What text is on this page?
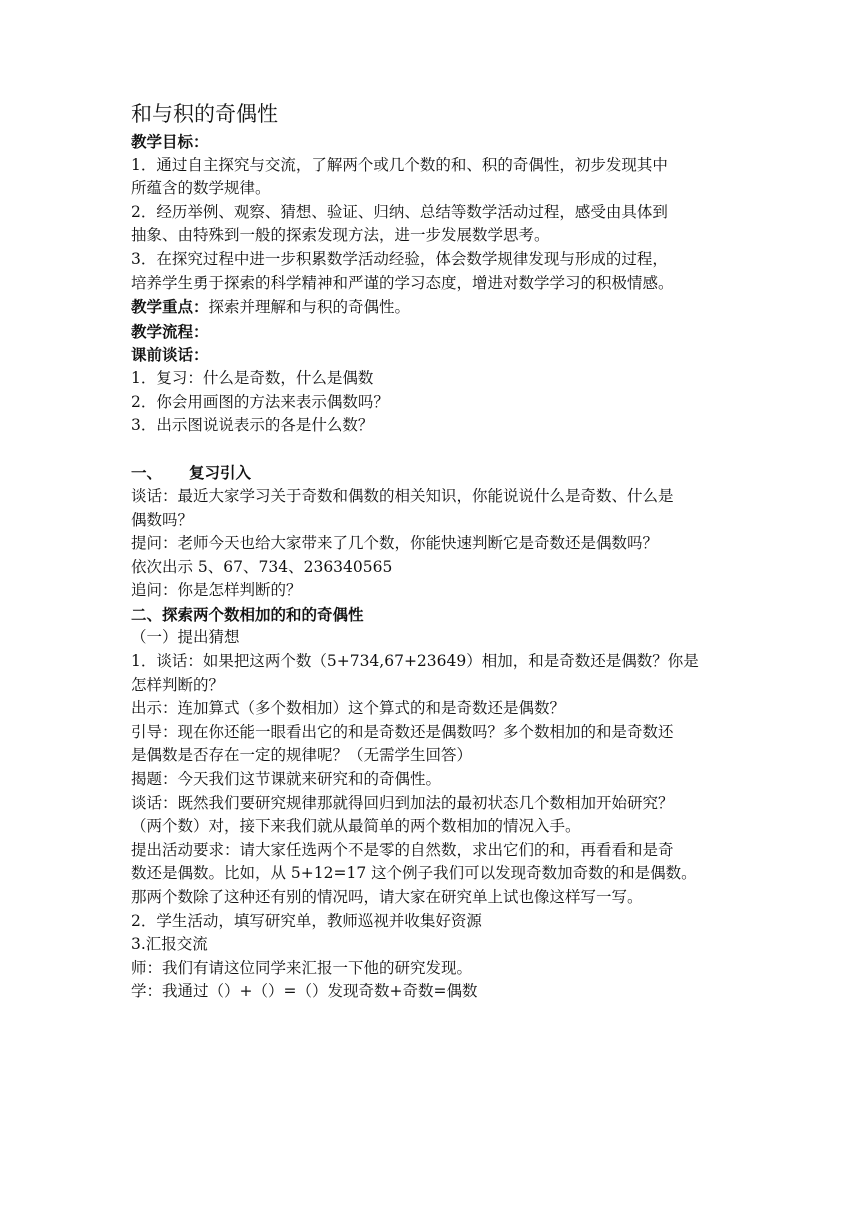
和与积的奇偶性

教学目标：

1．通过自主探究与交流，了解两个或几个数的和、积的奇偶性，初步发现其中

所蕴含的数学规律。

2．经历举例、观察、猜想、验证、归纳、总结等数学活动过程，感受由具体到

抽象、由特殊到一般的探索发现方法，进一步发展数学思考。

3．在探究过程中进一步积累数学活动经验，体会数学规律发现与形成的过程，

培养学生勇于探索的科学精神和严谨的学习态度，增进对数学学习的积极情感。

教学重点：探索并理解和与积的奇偶性。

教学流程：

课前谈话：

1．复习：什么是奇数，什么是偶数

2．你会用画图的方法来表示偶数吗？

3．出示图说说表示的各是什么数？

一、 复习引入

谈话：最近大家学习关于奇数和偶数的相关知识，你能说说什么是奇数、什么是

偶数吗？

提问：老师今天也给大家带来了几个数，你能快速判断它是奇数还是偶数吗？

依次出示 5、67、734、236340565

追问：你是怎样判断的？

二、探索两个数相加的和的奇偶性

（一）提出猜想

1．谈话：如果把这两个数（5+734,67+23649）相加，和是奇数还是偶数？你是

怎样判断的？

出示：连加算式（多个数相加）这个算式的和是奇数还是偶数？

引导：现在你还能一眼看出它的和是奇数还是偶数吗？多个数相加的和是奇数还

是偶数是否存在一定的规律呢？（无需学生回答）

揭题：今天我们这节课就来研究和的奇偶性。

谈话：既然我们要研究规律那就得回归到加法的最初状态几个数相加开始研究？

（两个数）对，接下来我们就从最简单的两个数相加的情况入手。

提出活动要求：请大家任选两个不是零的自然数，求出它们的和，再看看和是奇

数还是偶数。比如，从 5+12=17 这个例子我们可以发现奇数加奇数的和是偶数。

那两个数除了这种还有别的情况吗，请大家在研究单上试也像这样写一写。

2．学生活动，填写研究单，教师巡视并收集好资源

3.汇报交流

师：我们有请这位同学来汇报一下他的研究发现。

学：我通过（）+（）=（）发现奇数+奇数=偶数
